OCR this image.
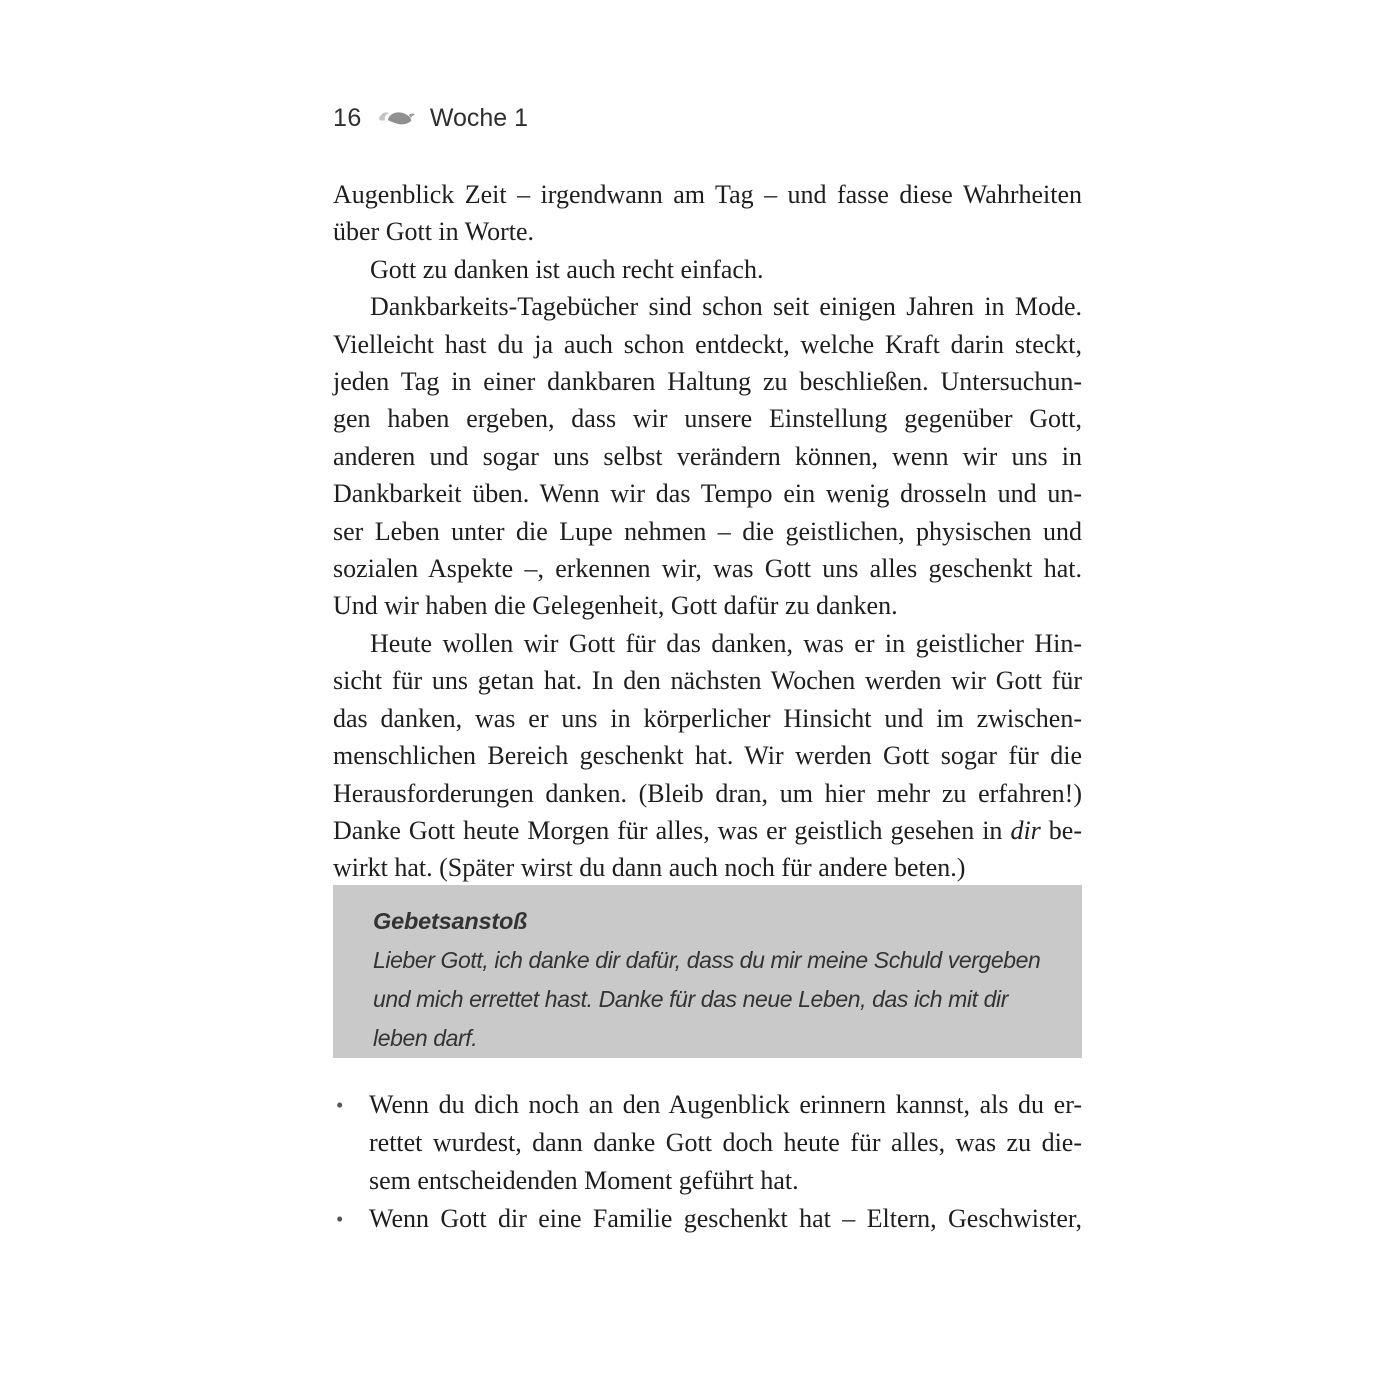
16	Woche 1
Augenblick Zeit – irgendwann am Tag – und fasse diese Wahrheiten
über Gott in Worte.
Gott zu danken ist auch recht einfach.
Dankbarkeits-Tagebücher sind schon seit einigen Jahren in Mode.
Vielleicht hast du ja auch schon entdeckt, welche Kraft darin steckt,
jeden Tag in einer dankbaren Haltung zu beschließen. Untersuchun-
gen haben ergeben, dass wir unsere Einstellung gegenüber Gott,
anderen und sogar uns selbst verändern können, wenn wir uns in
Dankbarkeit üben. Wenn wir das Tempo ein wenig drosseln und un-
ser Leben unter die Lupe nehmen – die geistlichen, physischen und
sozialen Aspekte –, erkennen wir, was Gott uns alles geschenkt hat.
Und wir haben die Gelegenheit, Gott dafür zu danken.
Heute wollen wir Gott für das danken, was er in geistlicher Hin-
sicht für uns getan hat. In den nächsten Wochen werden wir Gott für
das danken, was er uns in körperlicher Hinsicht und im zwischen-
menschlichen Bereich geschenkt hat. Wir werden Gott sogar für die
Herausforderungen danken. (Bleib dran, um hier mehr zu erfahren!)
Danke Gott heute Morgen für alles, was er geistlich gesehen in dir be-
wirkt hat. (Später wirst du dann auch noch für andere beten.)
Gebetsanstoß
Lieber Gott, ich danke dir dafür, dass du mir meine Schuld vergeben
und mich errettet hast. Danke für das neue Leben, das ich mit dir
leben darf.
• Wenn du dich noch an den Augenblick erinnern kannst, als du er-
rettet wurdest, dann danke Gott doch heute für alles, was zu die-
sem entscheidenden Moment geführt hat.
• Wenn Gott dir eine Familie geschenkt hat – Eltern, Geschwister,
